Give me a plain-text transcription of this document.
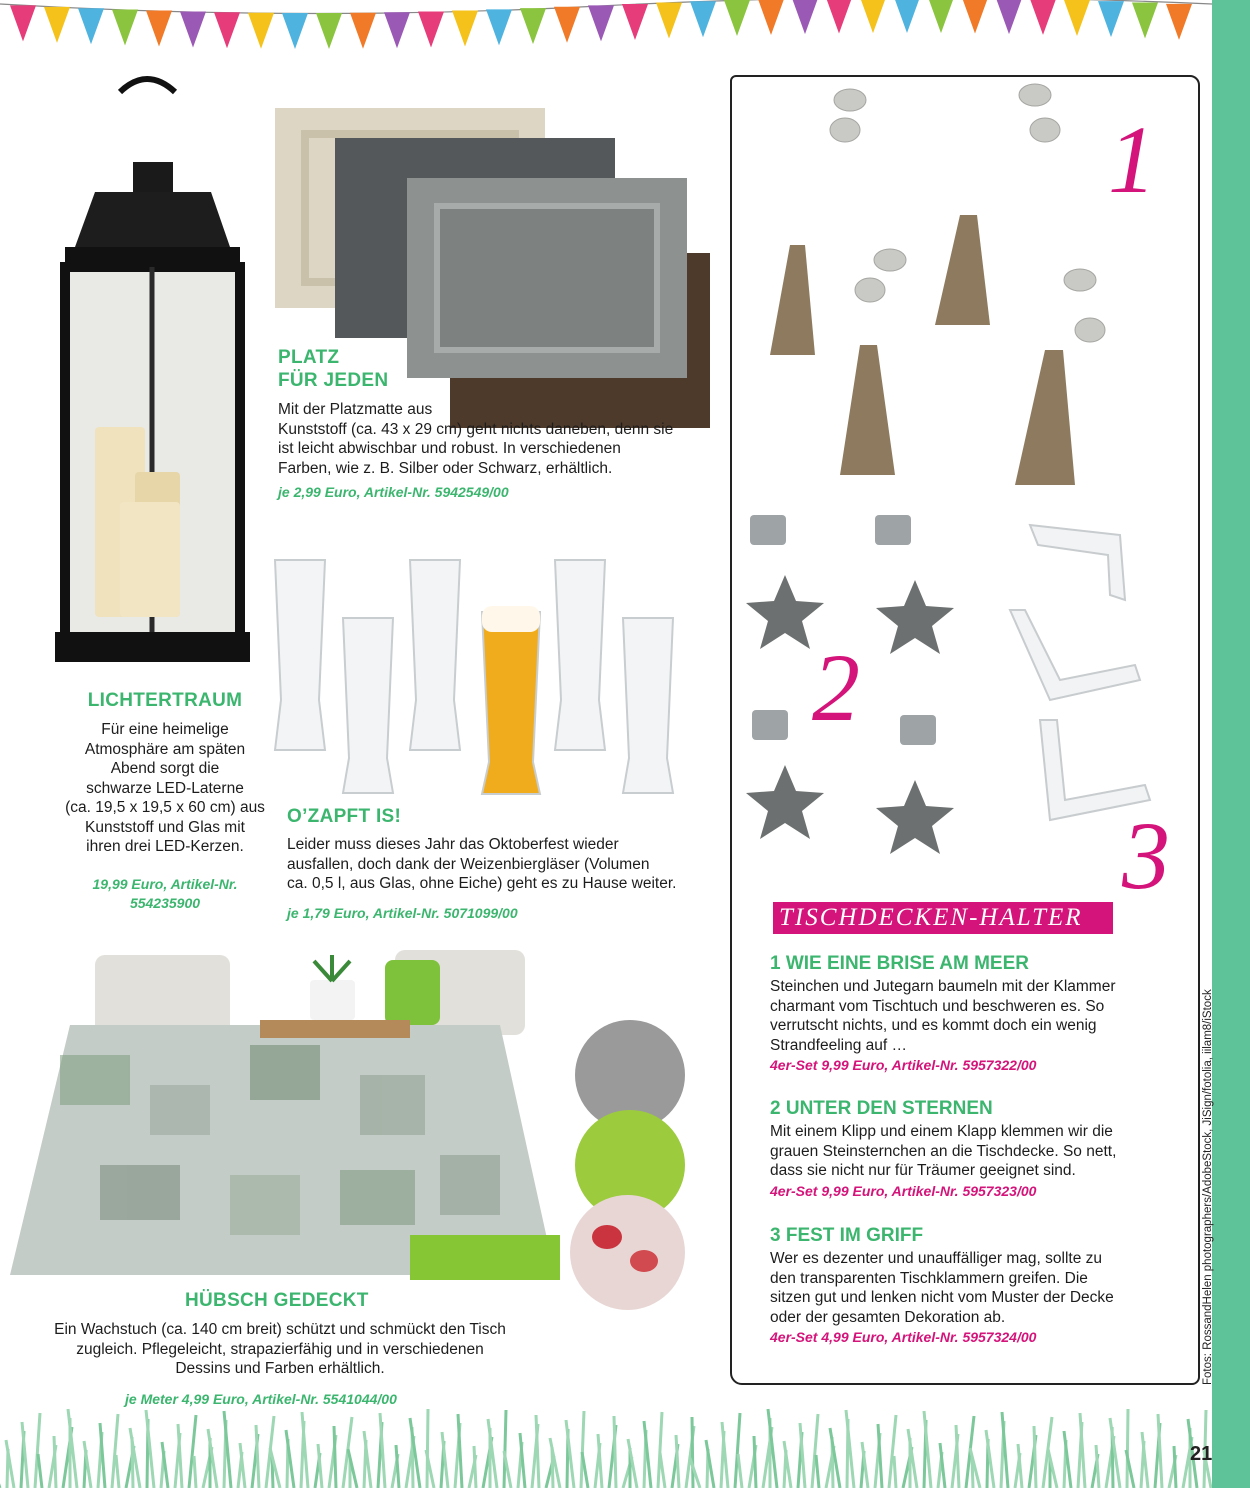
LICHTERTRAUM
Für eine heimelige
Atmosphäre am späten
Abend sorgt die
schwarze LED-Laterne
(ca. 19,5 x 19,5 x 60 cm) aus
Kunststoff und Glas mit
ihren drei LED-Kerzen.
19,99 Euro, Artikel-Nr.
554235900
PLATZ
FÜR JEDEN
Mit der Platzmatte aus
Kunststoff (ca. 43 x 29 cm) geht nichts daneben, denn sie
ist leicht abwischbar und robust. In verschiedenen
Farben, wie z. B. Silber oder Schwarz, erhältlich.
je 2,99 Euro, Artikel-Nr. 5942549/00
O’ZAPFT IS!
Leider muss dieses Jahr das Oktoberfest wieder
ausfallen, doch dank der Weizenbiergläser (Volumen
ca. 0,5 l, aus Glas, ohne Eiche) geht es zu Hause weiter.
je 1,79 Euro, Artikel-Nr. 5071099/00
HÜBSCH GEDECKT
Ein Wachstuch (ca. 140 cm breit) schützt und schmückt den Tisch
zugleich. Pflegeleicht, strapazierfähig und in verschiedenen
Dessins und Farben erhältlich.
je Meter 4,99 Euro, Artikel-Nr. 5541044/00
1
2
3
TISCHDECKEN-HALTER
1 WIE EINE BRISE AM MEER
Steinchen und Jutegarn baumeln mit der Klammer
charmant vom Tischtuch und beschweren es. So
verrutscht nichts, und es kommt doch ein wenig
Strandfeeling auf …
4er-Set 9,99 Euro, Artikel-Nr. 5957322/00
2 UNTER DEN STERNEN
Mit einem Klipp und einem Klapp klemmen wir die
grauen Steinsternchen an die Tischdecke. So nett,
dass sie nicht nur für Träumer geeignet sind.
4er-Set 9,99 Euro, Artikel-Nr. 5957323/00
3 FEST IM GRIFF
Wer es dezenter und unauffälliger mag, sollte zu
den transparenten Tischklammern greifen. Die
sitzen gut und lenken nicht vom Muster der Decke
oder der gesamten Dekoration ab.
4er-Set 4,99 Euro, Artikel-Nr. 5957324/00	Fotos: RossandHelen photographers/AdobeStock, JiSign/fotolia, iilam8/iStock
21
